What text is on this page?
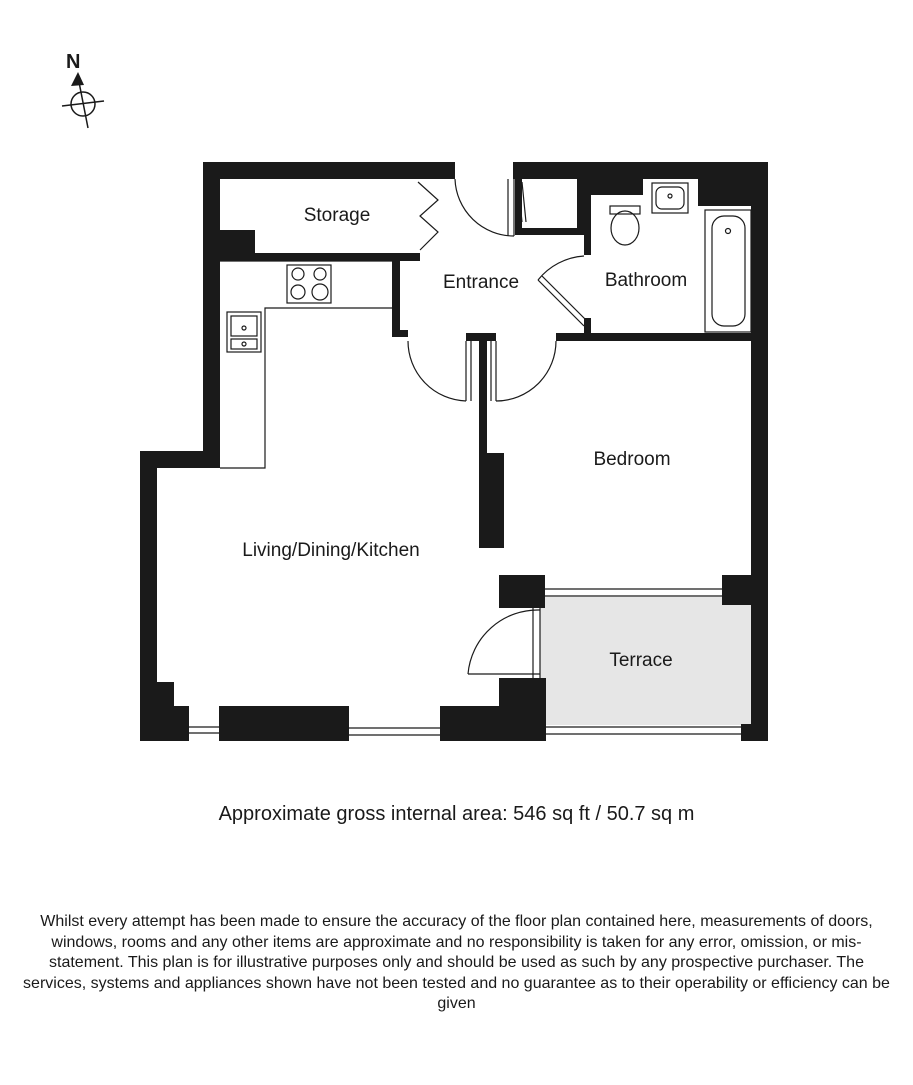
N
Storage
Entrance	Bathroom
Living/Dining/Kitchen
Bedroom
Terrace
Approximate gross internal area: 546 sq ft / 50.7 sq m
Whilst every attempt has been made to ensure the accuracy of the floor plan contained here, measurements of doors, windows, rooms and any other items are approximate and no responsibility is taken for any error, omission, or mis-statement. This plan is for illustrative purposes only and should be used as such by any prospective purchaser. The services, systems and appliances shown have not been tested and no guarantee as to their operability or efficiency can be given
